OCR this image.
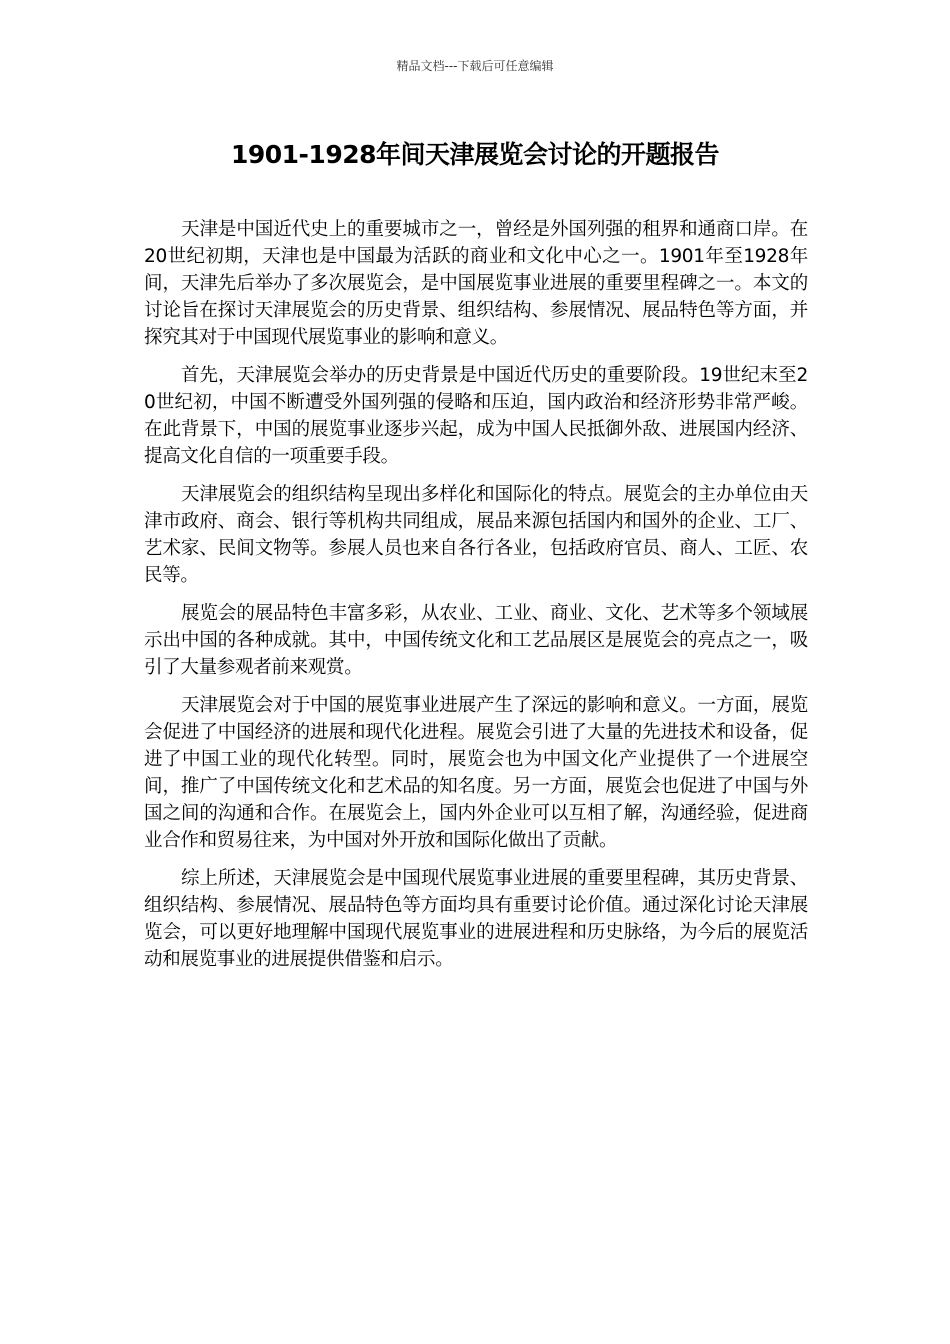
精品文档---下载后可任意编辑
1901-1928年间天津展览会讨论的开题报告

天津是中国近代史上的重要城市之一，曾经是外国列强的租界和通商口岸。在20世纪初期，天津也是中国最为活跃的商业和文化中心之一。1901年至1928年间，天津先后举办了多次展览会，是中国展览事业进展的重要里程碑之一。本文的讨论旨在探讨天津展览会的历史背景、组织结构、参展情况、展品特色等方面，并探究其对于中国现代展览事业的影响和意义。

首先，天津展览会举办的历史背景是中国近代历史的重要阶段。19世纪末至20世纪初，中国不断遭受外国列强的侵略和压迫，国内政治和经济形势非常严峻。在此背景下，中国的展览事业逐步兴起，成为中国人民抵御外敌、进展国内经济、提高文化自信的一项重要手段。

天津展览会的组织结构呈现出多样化和国际化的特点。展览会的主办单位由天津市政府、商会、银行等机构共同组成，展品来源包括国内和国外的企业、工厂、艺术家、民间文物等。参展人员也来自各行各业，包括政府官员、商人、工匠、农民等。

展览会的展品特色丰富多彩，从农业、工业、商业、文化、艺术等多个领域展示出中国的各种成就。其中，中国传统文化和工艺品展区是展览会的亮点之一，吸引了大量参观者前来观赏。

天津展览会对于中国的展览事业进展产生了深远的影响和意义。一方面，展览会促进了中国经济的进展和现代化进程。展览会引进了大量的先进技术和设备，促进了中国工业的现代化转型。同时，展览会也为中国文化产业提供了一个进展空间，推广了中国传统文化和艺术品的知名度。另一方面，展览会也促进了中国与外国之间的沟通和合作。在展览会上，国内外企业可以互相了解，沟通经验，促进商业合作和贸易往来，为中国对外开放和国际化做出了贡献。

综上所述，天津展览会是中国现代展览事业进展的重要里程碑，其历史背景、组织结构、参展情况、展品特色等方面均具有重要讨论价值。通过深化讨论天津展览会，可以更好地理解中国现代展览事业的进展进程和历史脉络，为今后的展览活动和展览事业的进展提供借鉴和启示。
